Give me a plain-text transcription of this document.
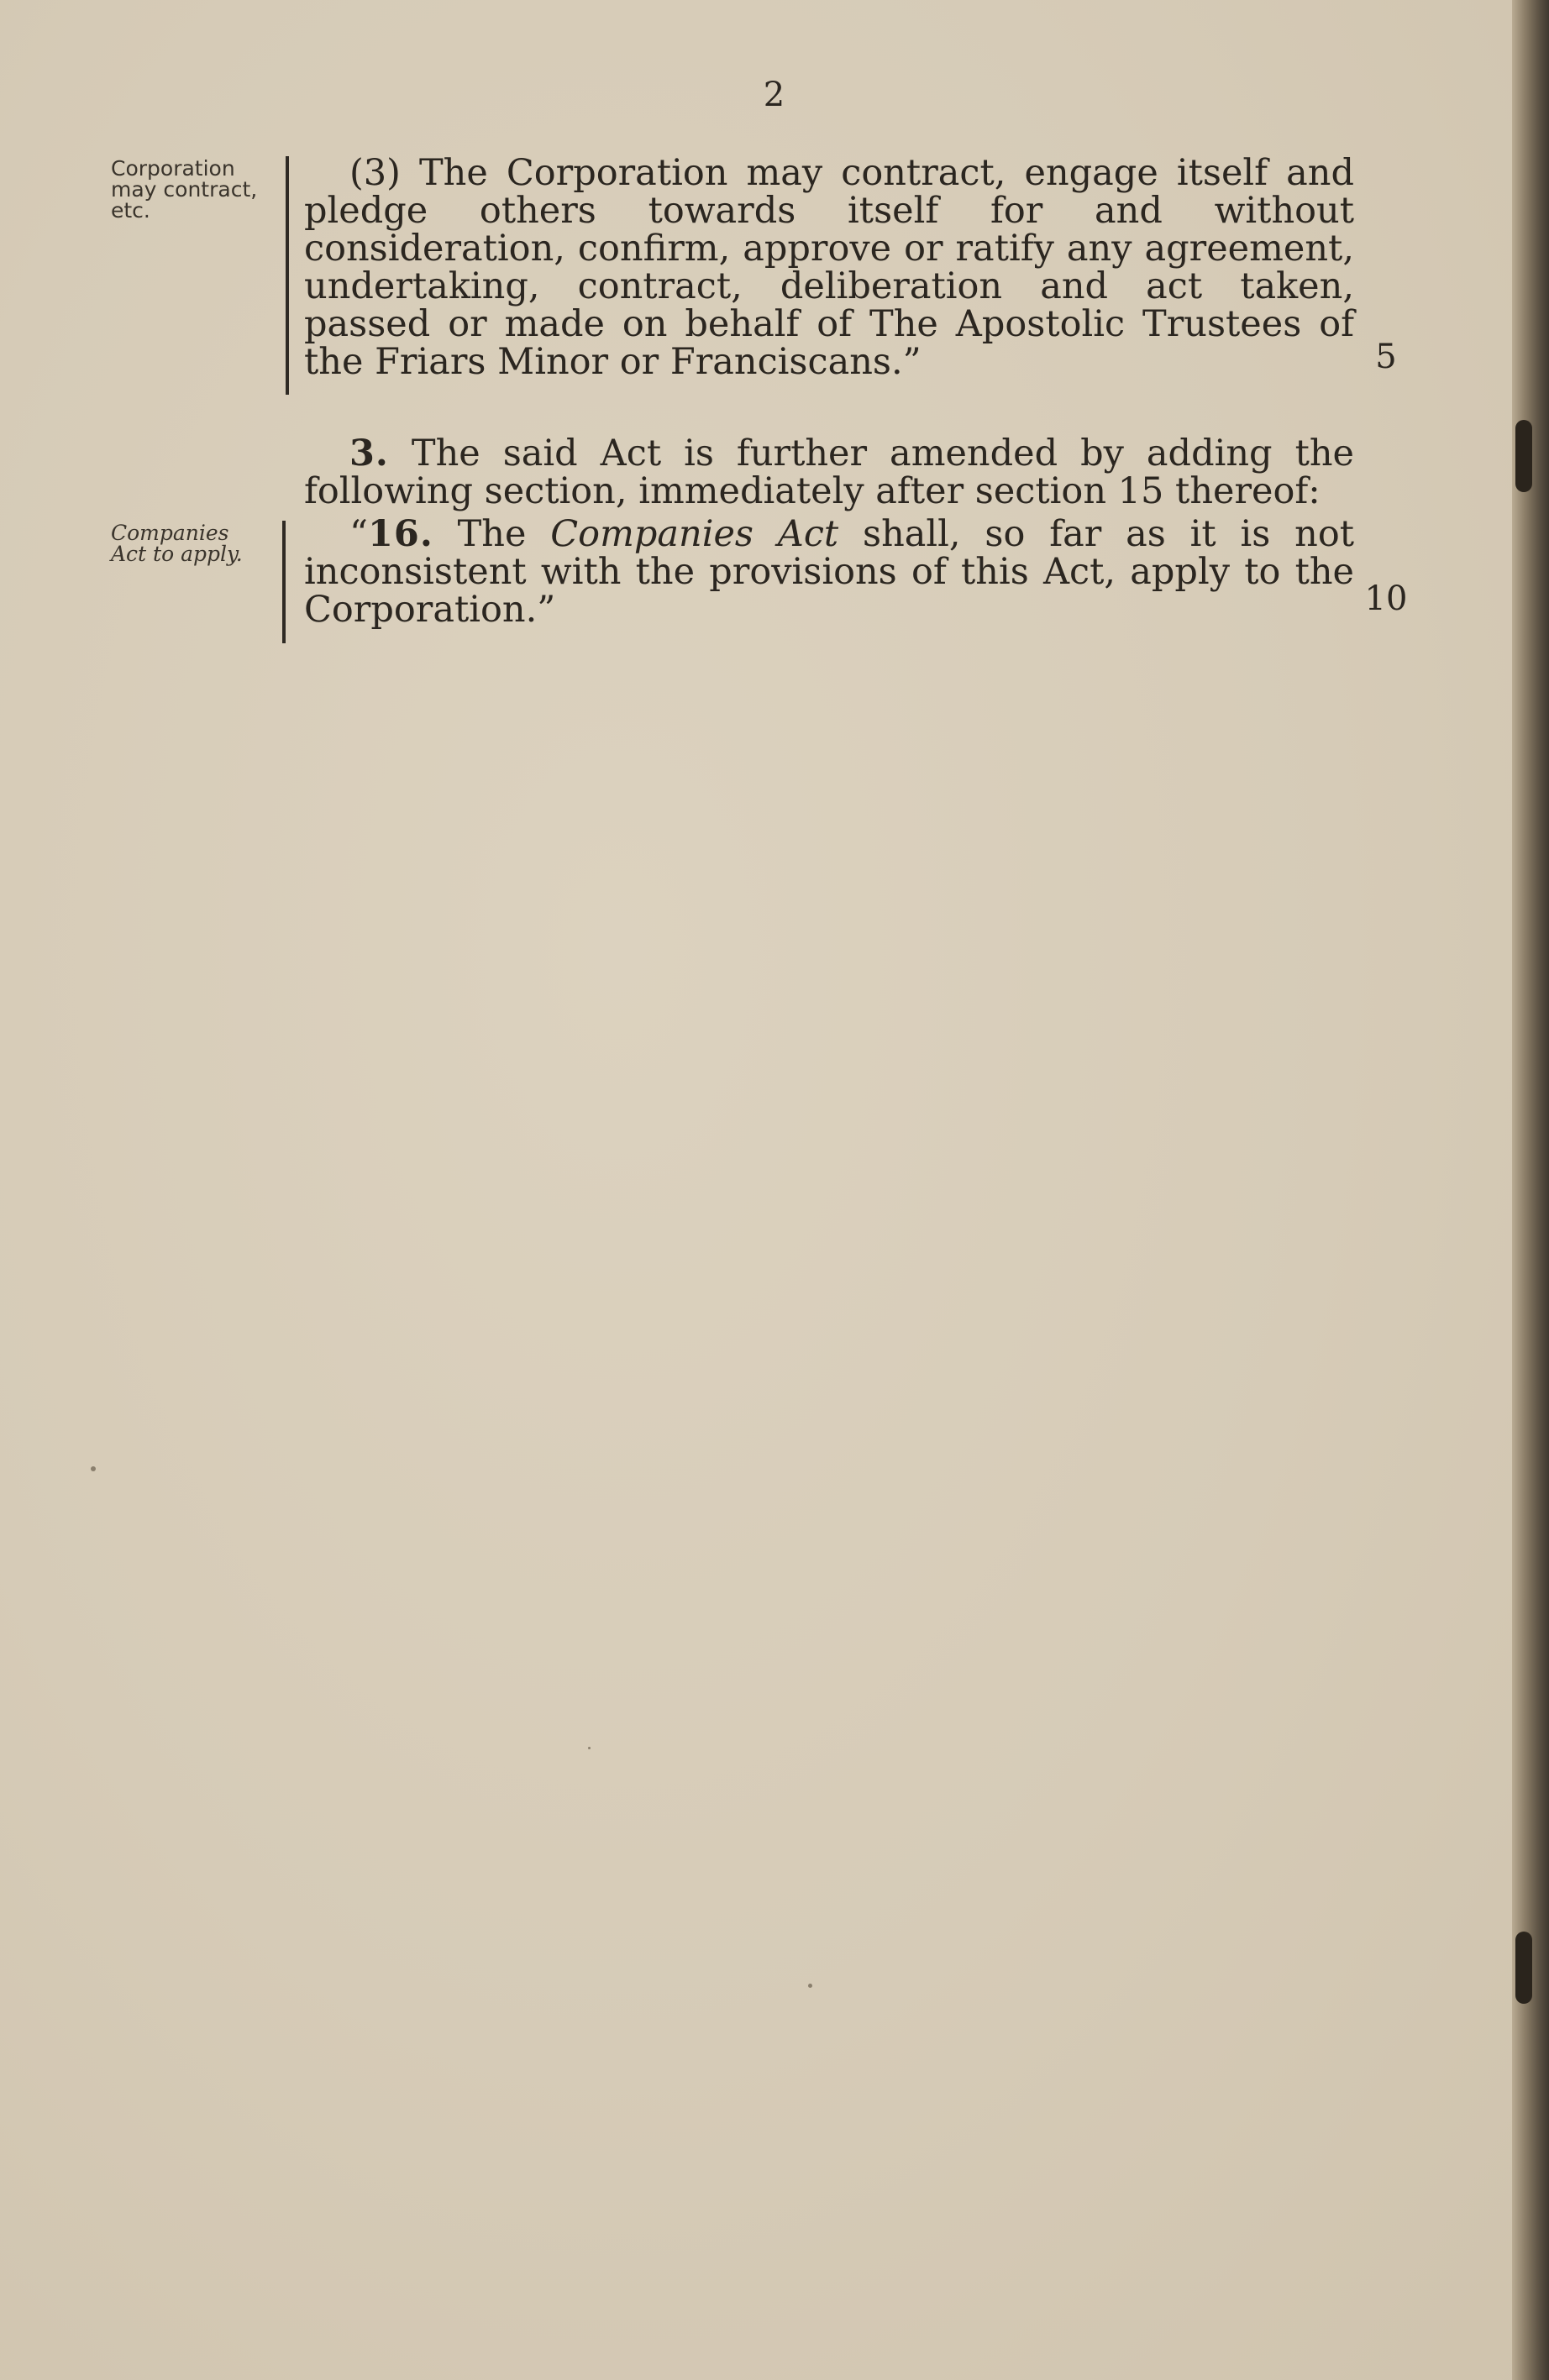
2
Corporation
may contract,
etc.

(3) The Corporation may contract, engage itself and pledge others towards itself for and without consideration, confirm, approve or ratify any agreement, undertaking, contract, deliberation and act taken, passed or made on behalf of The Apostolic Trustees of the Friars Minor or Franciscans.”	5

3. The said Act is further amended by adding the following section, immediately after section 15 thereof:

Companies
Act to apply.	“16. The Companies Act shall, so far as it is not inconsistent with the provisions of this Act, apply to the Corporation.”	10
